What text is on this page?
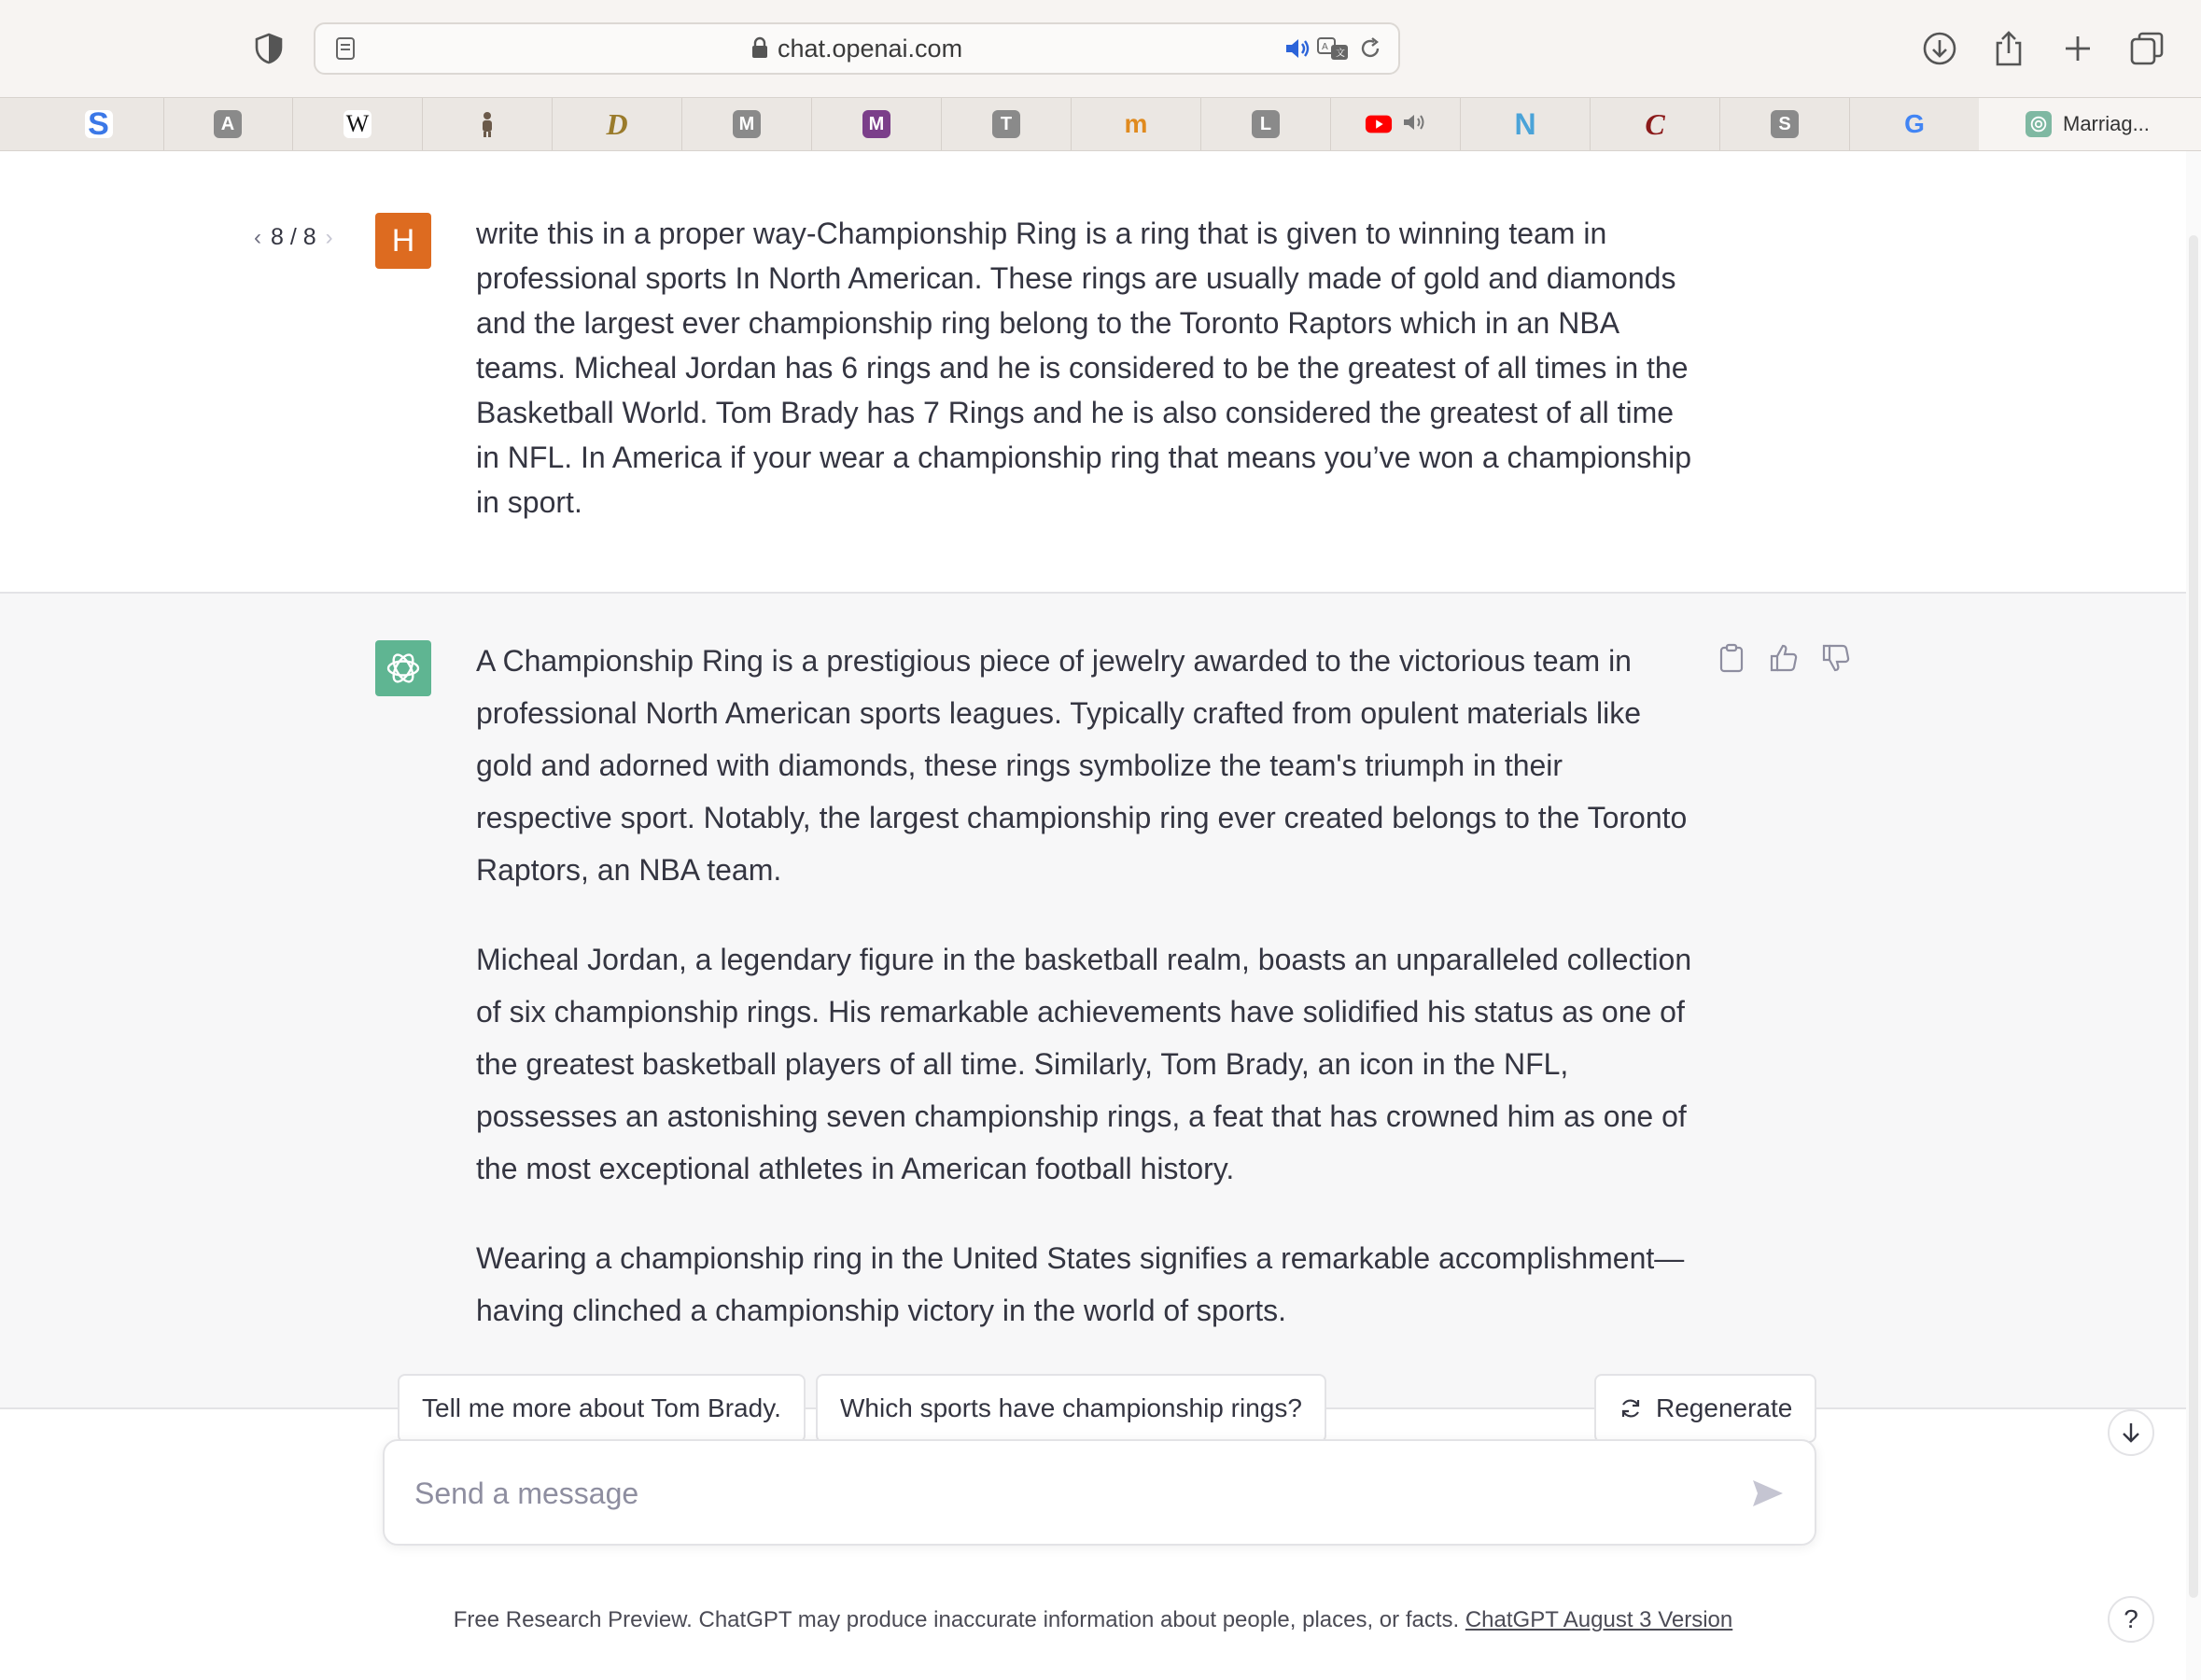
chat.openai.com	A
文
S	A	W	D	M	M	T	m	L	N	C	S	G	Marriag...
‹ 8 / 8 ›	H	write this in a proper way-Championship Ring is a ring that is given to winning team in professional sports In North American. These rings are usually made of gold and diamonds and the largest ever championship ring belong to the Toronto Raptors which in an NBA teams. Micheal Jordan has 6 rings and he is considered to be the greatest of all times in the Basketball World. Tom Brady has 7 Rings and he is also considered the greatest of all time in NFL. In America if your wear a championship ring that means you’ve won a championship in sport.

A Championship Ring is a prestigious piece of jewelry awarded to the victorious team in professional North American sports leagues. Typically crafted from opulent materials like gold and adorned with diamonds, these rings symbolize the team's triumph in their respective sport. Notably, the largest championship ring ever created belongs to the Toronto Raptors, an NBA team.

Micheal Jordan, a legendary figure in the basketball realm, boasts an unparalleled collection of six championship rings. His remarkable achievements have solidified his status as one of the greatest basketball players of all time. Similarly, Tom Brady, an icon in the NFL, possesses an astonishing seven championship rings, a feat that has crowned him as one of the most exceptional athletes in American football history.

Wearing a championship ring in the United States signifies a remarkable accomplishment—having clinched a championship victory in the world of sports.

Tell me more about Tom Brady.	Which sports have championship rings?	Regenerate
Send a message
Free Research Preview. ChatGPT may produce inaccurate information about people, places, or facts. ChatGPT August 3 Version	?
